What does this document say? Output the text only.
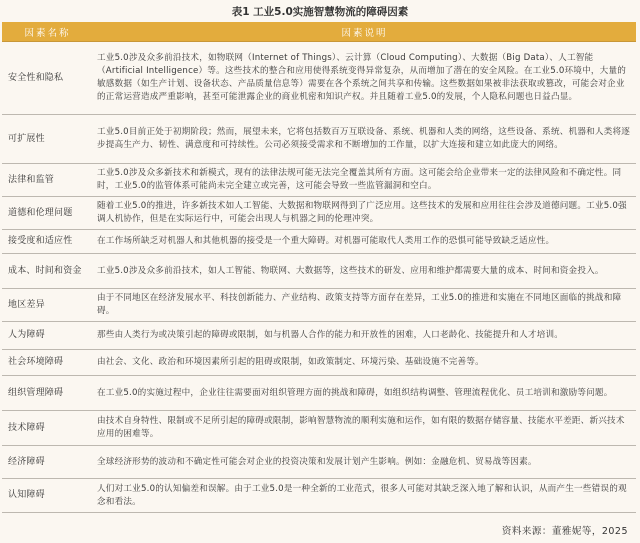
表1 工业5.0实施智慧物流的障碍因素
因素名称	因素说明
安全性和隐私	工业5.0涉及众多前沿技术，如物联网（Internet of Things）、云计算（Cloud Computing）、大数据（Big Data）、人工智能（Artificial Intelligence）等。这些技术的整合和应用使得系统变得异常复杂，从而增加了潜在的安全风险。在工业5.0环境中，大量的敏感数据（如生产计划、设备状态、产品质量信息等）需要在各个系统之间共享和传输。这些数据如果被非法获取或篡改，可能会对企业的正常运营造成严重影响，甚至可能泄露企业的商业机密和知识产权。并且随着工业5.0的发展，个人隐私问题也日益凸显。
可扩展性	工业5.0目前正处于初期阶段；然而，展望未来，它将包括数百万互联设备、系统、机器和人类的网络，这些设备、系统、机器和人类将逐步提高生产力、韧性、满意度和可持续性。公司必须接受需求和不断增加的工作量，以扩大连接和建立如此庞大的网络。
法律和监管	工业5.0涉及众多新技术和新模式，现有的法律法规可能无法完全覆盖其所有方面。这可能会给企业带来一定的法律风险和不确定性。同时，工业5.0的监管体系可能尚未完全建立或完善，这可能会导致一些监管漏洞和空白。
道德和伦理问题	随着工业5.0的推进，许多新技术如人工智能、大数据和物联网得到了广泛应用。这些技术的发展和应用往往会涉及道德问题。工业5.0强调人机协作，但是在实际运行中，可能会出现人与机器之间的伦理冲突。
接受度和适应性	在工作场所缺乏对机器人和其他机器的接受是一个重大障碍。对机器可能取代人类用工作的恐惧可能导致缺乏适应性。
成本、时间和资金	工业5.0涉及众多前沿技术，如人工智能、物联网、大数据等，这些技术的研发、应用和维护都需要大量的成本、时间和资金投入。
地区差异	由于不同地区在经济发展水平、科技创新能力、产业结构、政策支持等方面存在差异，工业5.0的推进和实施在不同地区面临的挑战和障碍。
人为障碍	那些由人类行为或决策引起的障碍或限制，如与机器人合作的能力和开放性的困难，人口老龄化、技能提升和人才培训。
社会环境障碍	由社会、文化、政治和环境因素所引起的阻碍或限制，如政策制定、环境污染、基础设施不完善等。
组织管理障碍	在工业5.0的实施过程中，企业往往需要面对组织管理方面的挑战和障碍，如组织结构调整、管理流程优化、员工培训和激励等问题。
技术障碍	由技术自身特性、限制或不足所引起的障碍或限制，影响智慧物流的顺利实施和运作，如有限的数据存储容量、技能水平差距、新兴技术应用的困难等。
经济障碍	全球经济形势的波动和不确定性可能会对企业的投资决策和发展计划产生影响。例如：金融危机、贸易战等因素。
认知障碍	人们对工业5.0的认知偏差和误解。由于工业5.0是一种全新的工业范式，很多人可能对其缺乏深入地了解和认识，从而产生一些错误的观念和看法。
资料来源：董雅妮等，2025
